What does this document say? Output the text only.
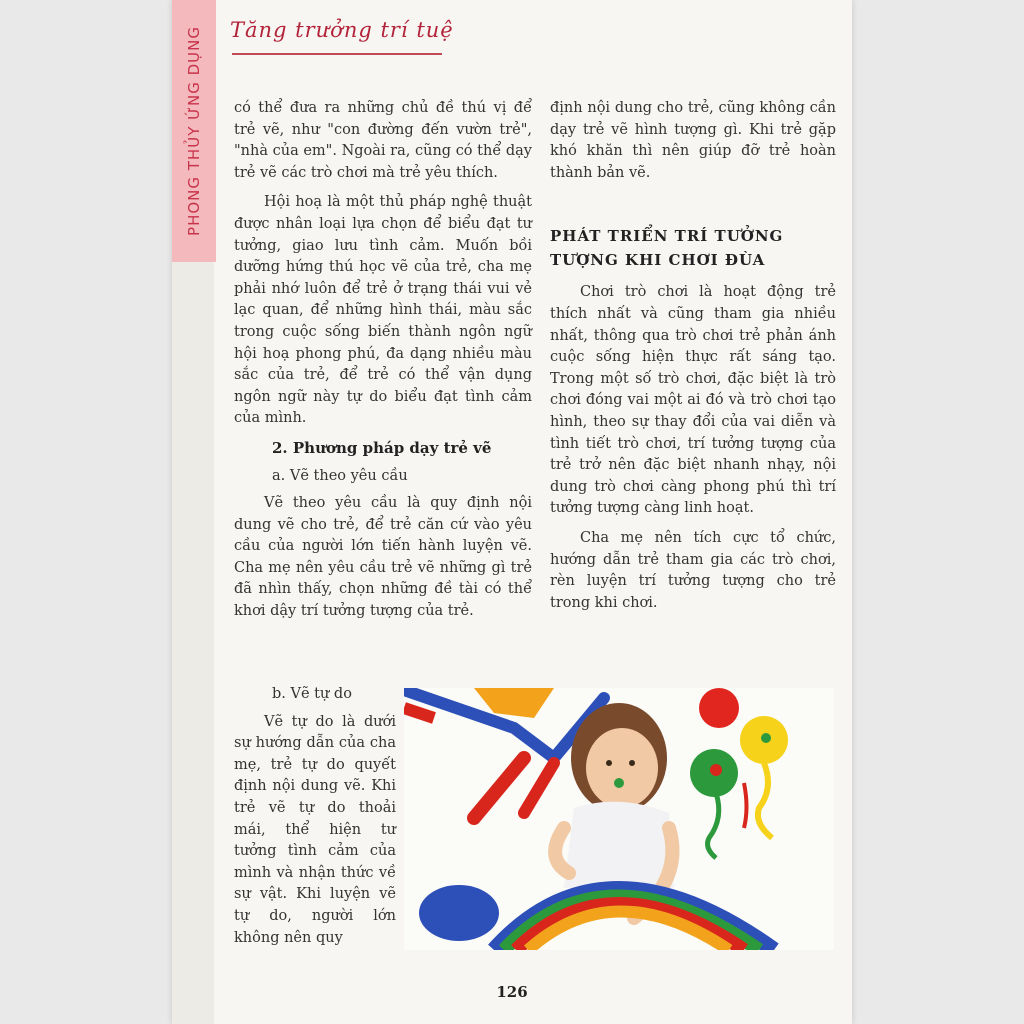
PHONG THỦY ỨNG DỤNG Tăng trưởng trí tuệ

có thể đưa ra những chủ đề thú vị để trẻ vẽ, như "con đường đến vườn trẻ", "nhà của em". Ngoài ra, cũng có thể dạy trẻ vẽ các trò chơi mà trẻ yêu thích.

Hội hoạ là một thủ pháp nghệ thuật được nhân loại lựa chọn để biểu đạt tư tưởng, giao lưu tình cảm. Muốn bồi dưỡng hứng thú học vẽ của trẻ, cha mẹ phải nhớ luôn để trẻ ở trạng thái vui vẻ lạc quan, để những hình thái, màu sắc trong cuộc sống biến thành ngôn ngữ hội hoạ phong phú, đa dạng nhiều màu sắc của trẻ, để trẻ có thể vận dụng ngôn ngữ này tự do biểu đạt tình cảm của mình.

2. Phương pháp dạy trẻ vẽ
a. Vẽ theo yêu cầu

Vẽ theo yêu cầu là quy định nội dung vẽ cho trẻ, để trẻ căn cứ vào yêu cầu của người lớn tiến hành luyện vẽ. Cha mẹ nên yêu cầu trẻ vẽ những gì trẻ đã nhìn thấy, chọn những đề tài có thể khơi dậy trí tưởng tượng của trẻ.

b. Vẽ tự do

Vẽ tự do là dưới sự hướng dẫn của cha mẹ, trẻ tự do quyết định nội dung vẽ. Khi trẻ vẽ tự do thoải mái, thể hiện tư tưởng tình cảm của mình và nhận thức về sự vật. Khi luyện vẽ tự do, người lớn không nên quy

định nội dung cho trẻ, cũng không cần dạy trẻ vẽ hình tượng gì. Khi trẻ gặp khó khăn thì nên giúp đỡ trẻ hoàn thành bản vẽ.

PHÁT TRIỂN TRÍ TƯỞNG TƯỢNG KHI CHƠI ĐÙA

Chơi trò chơi là hoạt động trẻ thích nhất và cũng tham gia nhiều nhất, thông qua trò chơi trẻ phản ánh cuộc sống hiện thực rất sáng tạo. Trong một số trò chơi, đặc biệt là trò chơi đóng vai một ai đó và trò chơi tạo hình, theo sự thay đổi của vai diễn và tình tiết trò chơi, trí tưởng tượng của trẻ trở nên đặc biệt nhanh nhạy, nội dung trò chơi càng phong phú thì trí tưởng tượng càng linh hoạt.

Cha mẹ nên tích cực tổ chức, hướng dẫn trẻ tham gia các trò chơi, rèn luyện trí tưởng tượng cho trẻ trong khi chơi.

126
